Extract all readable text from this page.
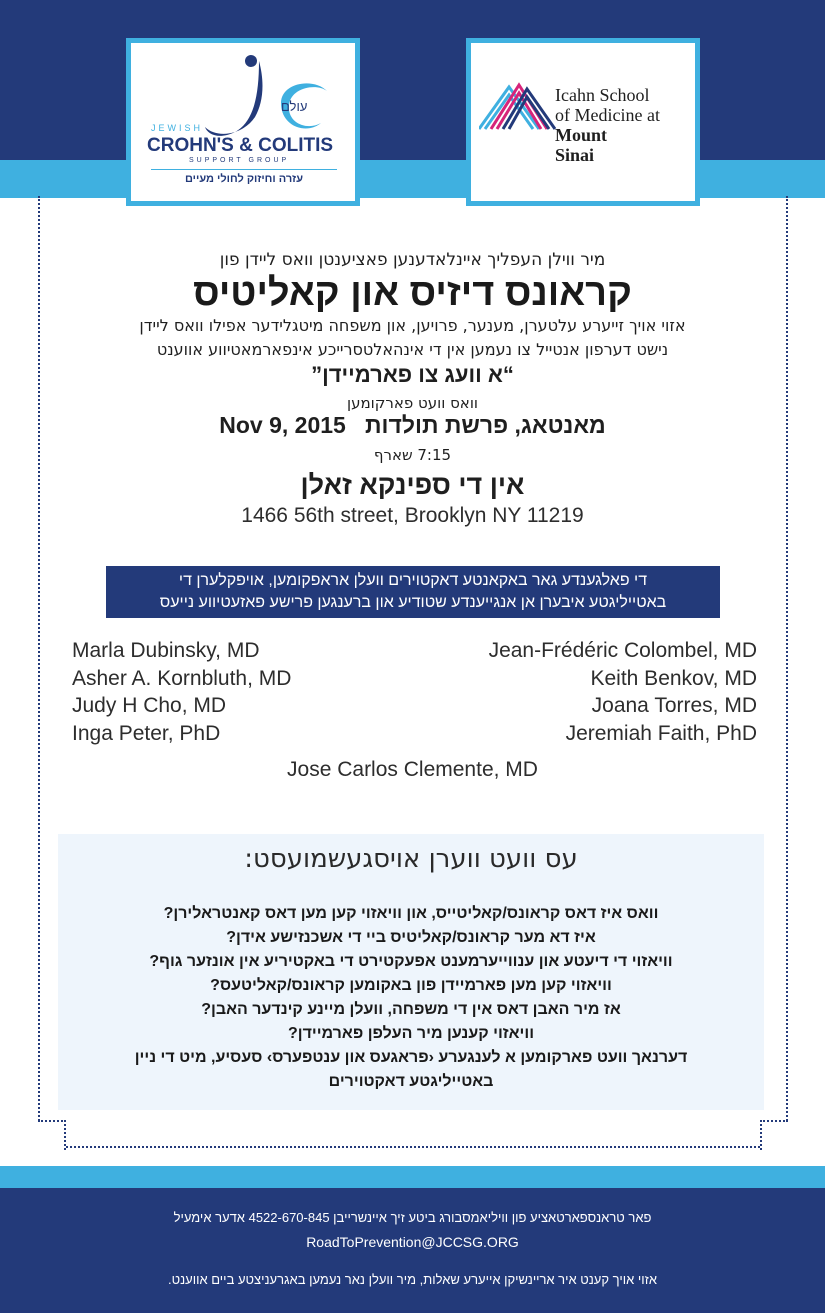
עולם
JEWISH
CROHN'S & COLITIS
SUPPORT GROUP
עזרה וחיזוק לחולי מעיים
Icahn School
of Medicine at
Mount
Sinai
מיר ווילן העפליך איינלאדענען פאציענטן וואס ליידן פון
קראונס דיזיס און קאליטיס
אזוי אויך זייערע עלטערן, מענער, פרויען, און משפחה מיטגלידער אפילו וואס ליידן
נישט דערפון אנטייל צו נעמען אין די אינהאלטסרייכע אינפארמאטיווע אווענט
“א וועג צו פארמיידן”
וואס וועט פארקומען
Nov 9, 2015 מאנטאג, פרשת תולדות
7:15 שארף
אין די ספינקא זאלן
1466 56th street, Brooklyn NY 11219
די פאלגענדע גאר באקאנטע דאקטוירים וועלן אראפקומען, אויפקלערן די
באטייליגטע איבערן אן אנגייענדע שטודיע און ברענגען פרישע פאזעטיווע נייעס
Marla Dubinsky, MD
Asher A. Kornbluth, MD
Judy H Cho, MD
Inga Peter, PhD
Jean-Frédéric Colombel, MD
Keith Benkov, MD
Joana Torres, MD
Jeremiah Faith, PhD
Jose Carlos Clemente, MD
עס וועט ווערן אויסגעשמועסט:
וואס איז דאס קראונס/קאליטייס, און וויאזוי קען מען דאס קאנטראלירן?
איז דא מער קראונס/קאליטיס ביי די אשכנזישע אידן?
וויאזוי די דיעטע און ענווייערמענט אפעקטירט די באקטיריע אין אונזער גוף?
וויאזוי קען מען פארמיידן פון באקומען קראונס/קאליטעס?
אז מיר האבן דאס אין די משפחה, וועלן מיינע קינדער האבן?
וויאזוי קענען מיר העלפן פארמיידן?
דערנאך וועט פארקומען א לענגערע ‹פראגעס און ענטפערס› סעסיע, מיט די ניין
באטייליגטע דאקטוירים
פאר טראנספארטאציע פון וויליאמסבורג ביטע זיך איינשרייבן 4522-670-845 אדער אימעיל
RoadToPrevention@JCCSG.ORG
אזוי אויך קענט איר ארײנשיקן אייערע שאלות, מיר וועלן נאר נעמען באגרעניצטע ביים אווענט.
